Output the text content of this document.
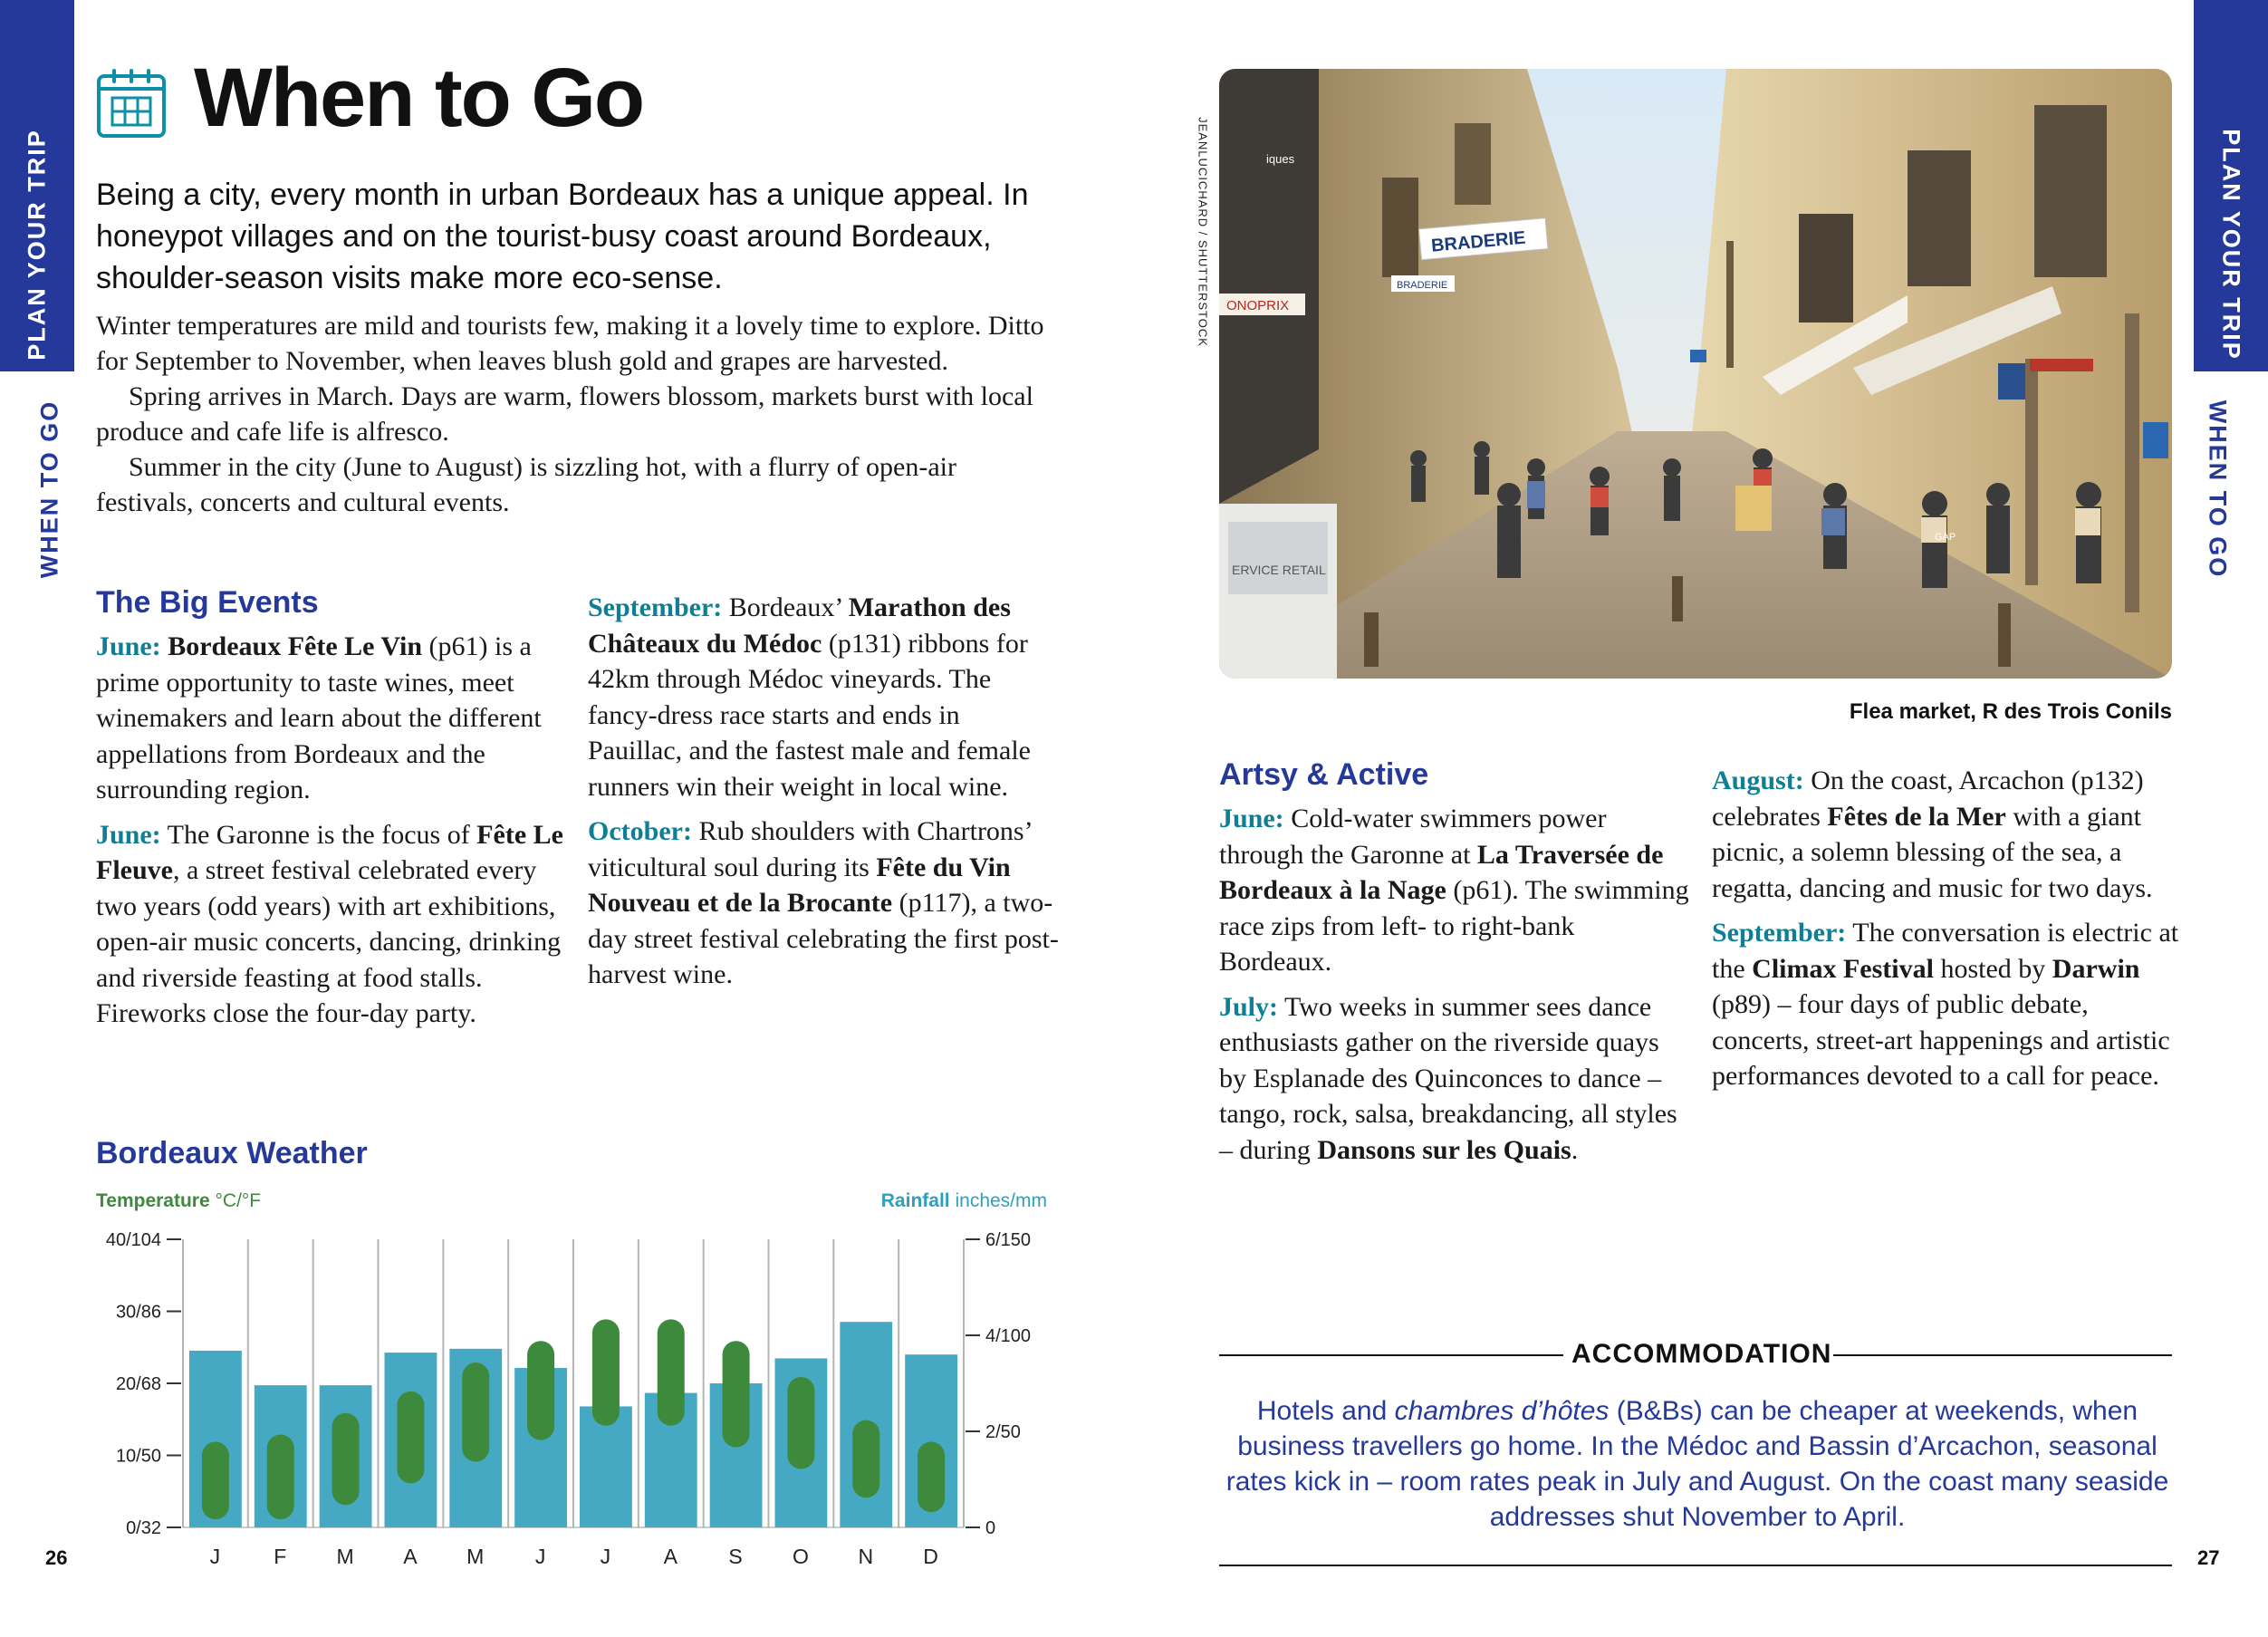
PLAN YOUR TRIP
WHEN TO GO
PLAN YOUR TRIP
WHEN TO GO
When to Go

Being a city, every month in urban Bordeaux has a unique appeal. In honeypot villages and on the tourist-busy coast around Bordeaux, shoulder-season visits make more eco-sense.

Winter temperatures are mild and tourists few, making it a lovely time to explore. Ditto for September to November, when leaves blush gold and grapes are harvested.

Spring arrives in March. Days are warm, flowers blossom, markets burst with local produce and cafe life is alfresco.

Summer in the city (June to August) is sizzling hot, with a flurry of open-air festivals, concerts and cultural events.

The Big Events

June: Bordeaux Fête Le Vin (p61) is a prime opportunity to taste wines, meet winemakers and learn about the different appellations from Bordeaux and the surrounding region.

June: The Garonne is the focus of Fête Le Fleuve, a street festival celebrated every two years (odd years) with art exhibitions, open-air music concerts, dancing, drinking and riverside feasting at food stalls. Fireworks close the four-day party.

September: Bordeaux’ Marathon des Châteaux du Médoc (p131) ribbons for 42km through Médoc vineyards. The fancy-dress race starts and ends in Pauillac, and the fastest male and female runners win their weight in local wine.

October: Rub shoulders with Chartrons’ viticultural soul during its Fête du Vin Nouveau et de la Brocante (p117), a two-day street festival celebrating the first post-harvest wine.

Bordeaux Weather
Temperature °C/°F	Rainfall inches/mm
0/32
10/50
20/68
30/86
40/104
0
2/50
4/100
6/150
J	F M A M J	J A S O N D
ERVICE RETAIL
iques
ONOPRIX
BRADERIE
BRADERIE
GAP
JEANLUCICHARD / SHUTTERSTOCK
Flea market, R des Trois Conils
Artsy & Active

June: Cold-water swimmers power through the Garonne at La Traversée de Bordeaux à la Nage (p61). The swimming race zips from left- to right-bank Bordeaux.

July: Two weeks in summer sees dance enthusiasts gather on the riverside quays by Esplanade des Quinconces to dance – tango, rock, salsa, breakdancing, all styles – during Dansons sur les Quais.

August: On the coast, Arcachon (p132) celebrates Fêtes de la Mer with a giant picnic, a solemn blessing of the sea, a regatta, dancing and music for two days.

September: The conversation is electric at the Climax Festival hosted by Darwin (p89) – four days of public debate, concerts, street-art happenings and artistic performances devoted to a call for peace.

ACCOMMODATION

Hotels and chambres d’hôtes (B&Bs) can be cheaper at weekends, when business travellers go home. In the Médoc and Bassin d’Arcachon, seasonal rates kick in – room rates peak in July and August. On the coast many seaside addresses shut November to April.

26	27
